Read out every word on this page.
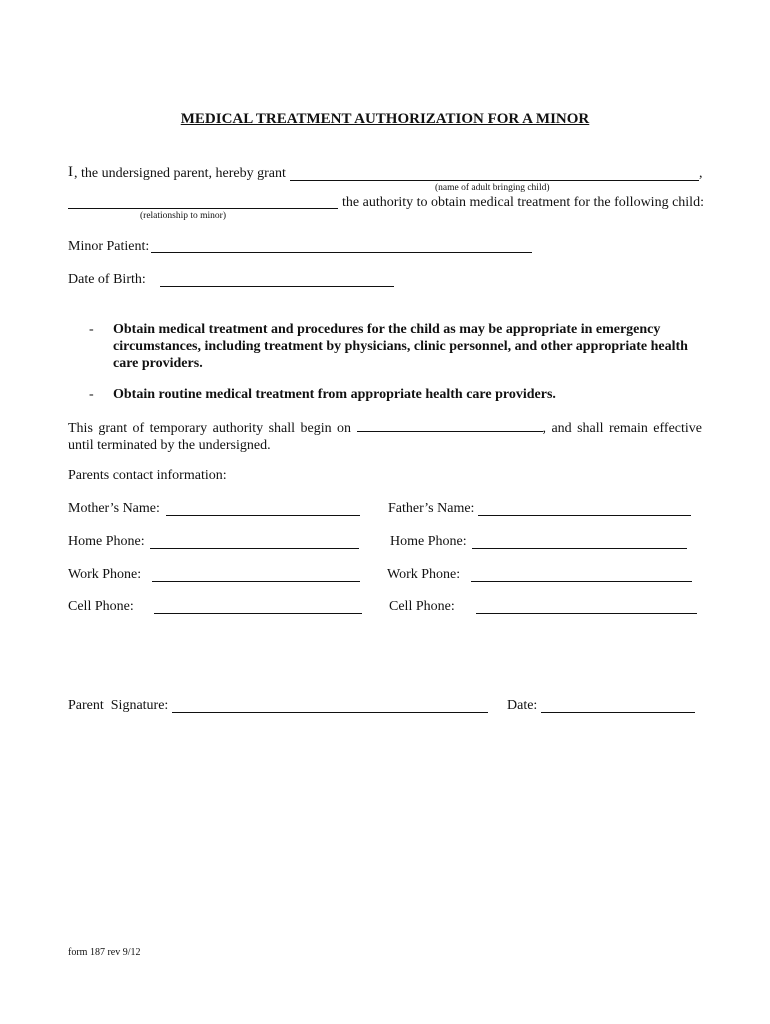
MEDICAL TREATMENT AUTHORIZATION FOR A MINOR
I , the undersigned parent, hereby grant	,
(name of adult bringing child)
the authority to obtain medical treatment for the following child:
(relationship to minor)
Minor Patient:
Date of Birth:
- Obtain medical treatment and procedures for the child as may be appropriate in emergency circumstances, including treatment by physicians, clinic personnel, and other appropriate health care providers.
- Obtain routine medical treatment from appropriate health care providers.
This grant of temporary authority shall begin on	, and shall remain effective until terminated by the undersigned.
Parents contact information:
Mother’s Name:	Father’s Name:
Home Phone:	Home Phone:
Work Phone:	Work Phone:
Cell Phone:	Cell Phone:
Parent  Signature:	Date:
form 187 rev 9/12
